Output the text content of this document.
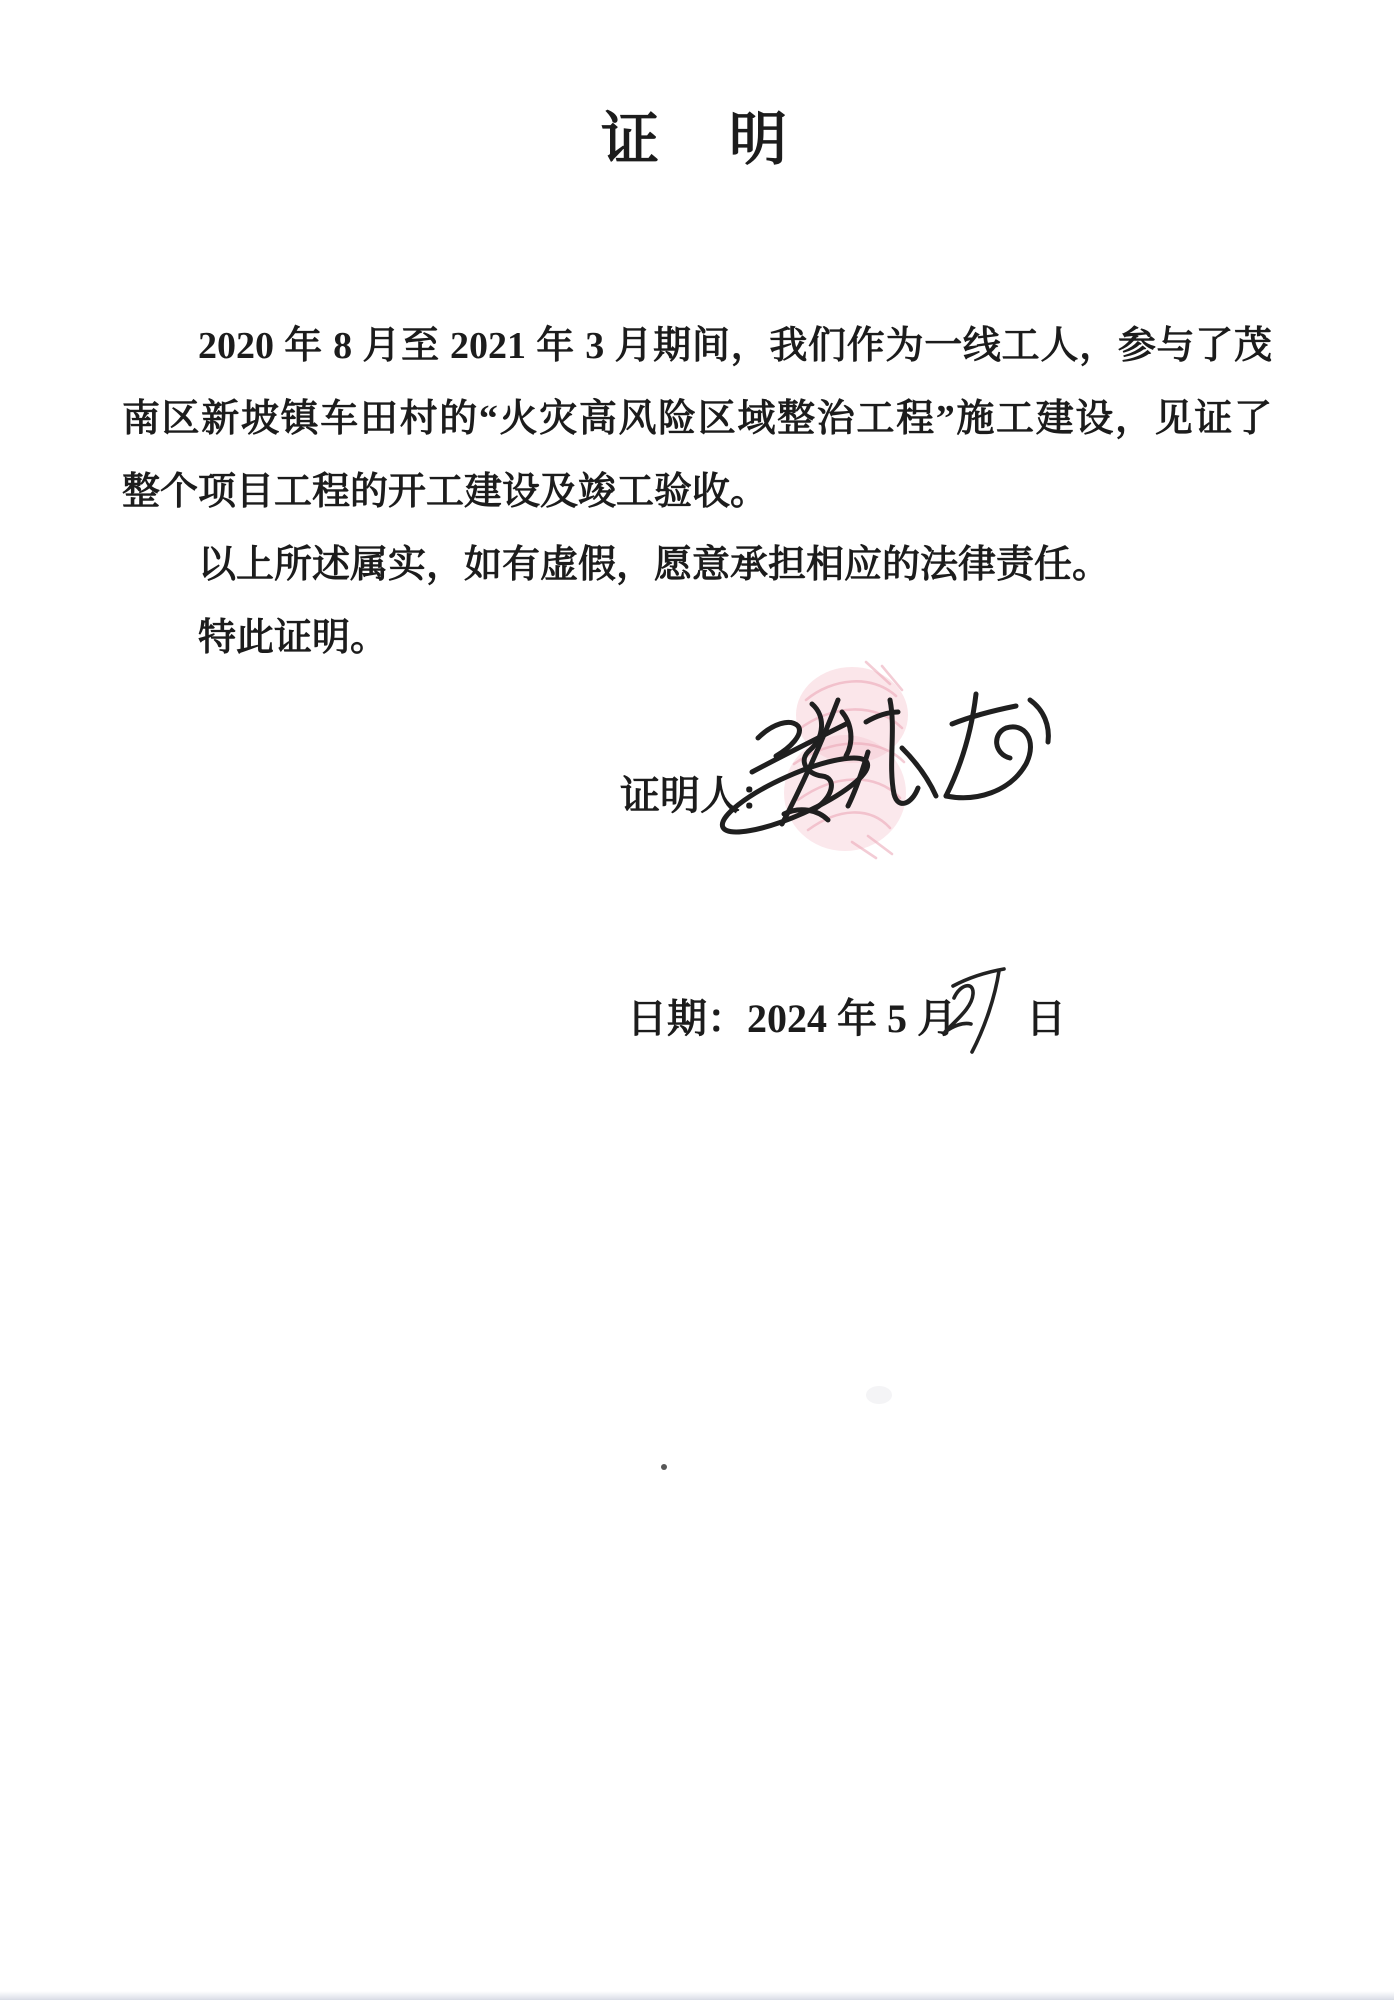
证　明
2020 年 8 月至 2021 年 3 月期间，我们作为一线工人，参与了茂
南区新坡镇车田村的“火灾高风险区域整治工程”施工建设，见证了
整个项目工程的开工建设及竣工验收。
以上所述属实，如有虚假，愿意承担相应的法律责任。
特此证明。
证明人：
日期：2024 年 5 月 日
